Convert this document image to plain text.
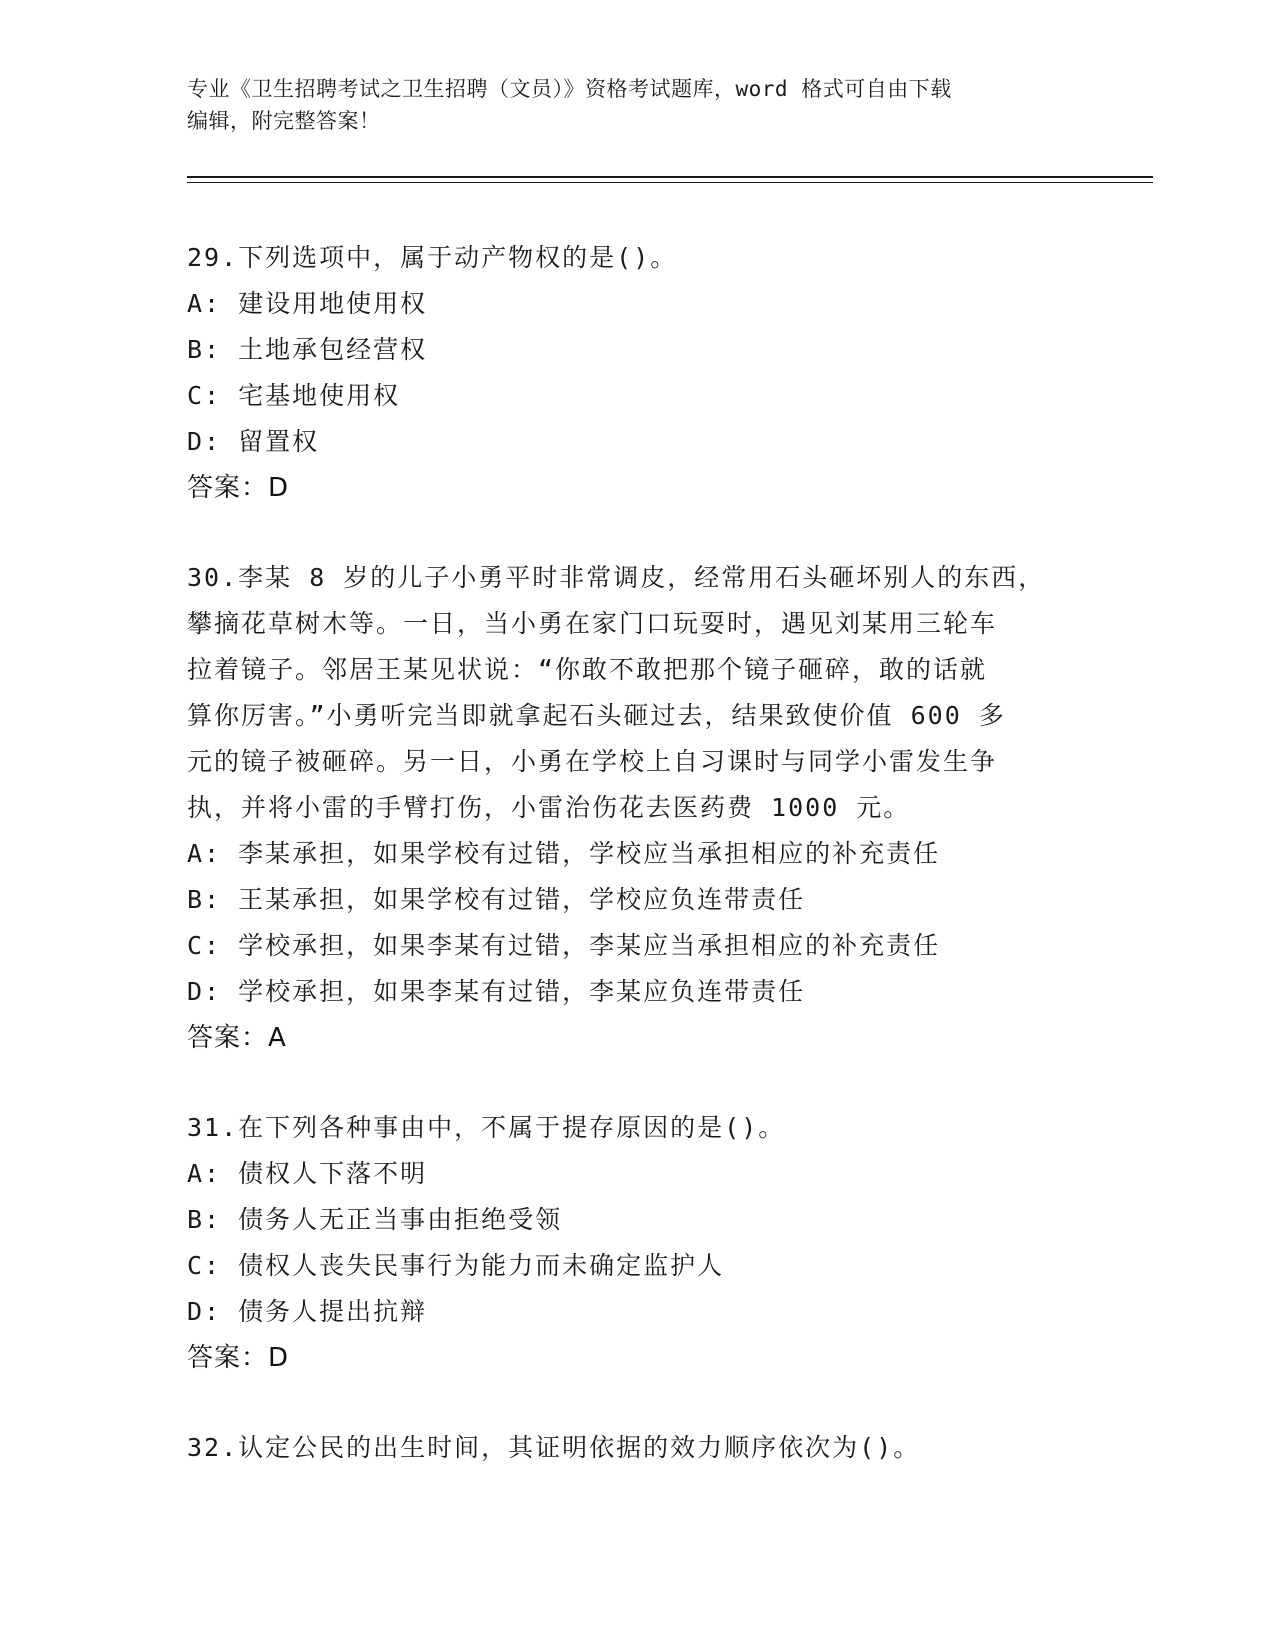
专业《卫生招聘考试之卫生招聘（文员）》资格考试题库，word 格式可自由下载
编辑，附完整答案！
29.下列选项中，属于动产物权的是()。
A: 建设用地使用权
B: 土地承包经营权
C: 宅基地使用权
D: 留置权
答案：D
30.李某 8 岁的儿子小勇平时非常调皮，经常用石头砸坏别人的东西，
攀摘花草树木等。一日，当小勇在家门口玩耍时，遇见刘某用三轮车
拉着镜子。邻居王某见状说：“你敢不敢把那个镜子砸碎，敢的话就
算你厉害。”小勇听完当即就拿起石头砸过去，结果致使价值 600 多
元的镜子被砸碎。另一日，小勇在学校上自习课时与同学小雷发生争
执，并将小雷的手臂打伤，小雷治伤花去医药费 1000 元。
A: 李某承担，如果学校有过错，学校应当承担相应的补充责任
B: 王某承担，如果学校有过错，学校应负连带责任
C: 学校承担，如果李某有过错，李某应当承担相应的补充责任
D: 学校承担，如果李某有过错，李某应负连带责任
答案：A
31.在下列各种事由中，不属于提存原因的是()。
A: 债权人下落不明
B: 债务人无正当事由拒绝受领
C: 债权人丧失民事行为能力而未确定监护人
D: 债务人提出抗辩
答案：D
32.认定公民的出生时间，其证明依据的效力顺序依次为()。
